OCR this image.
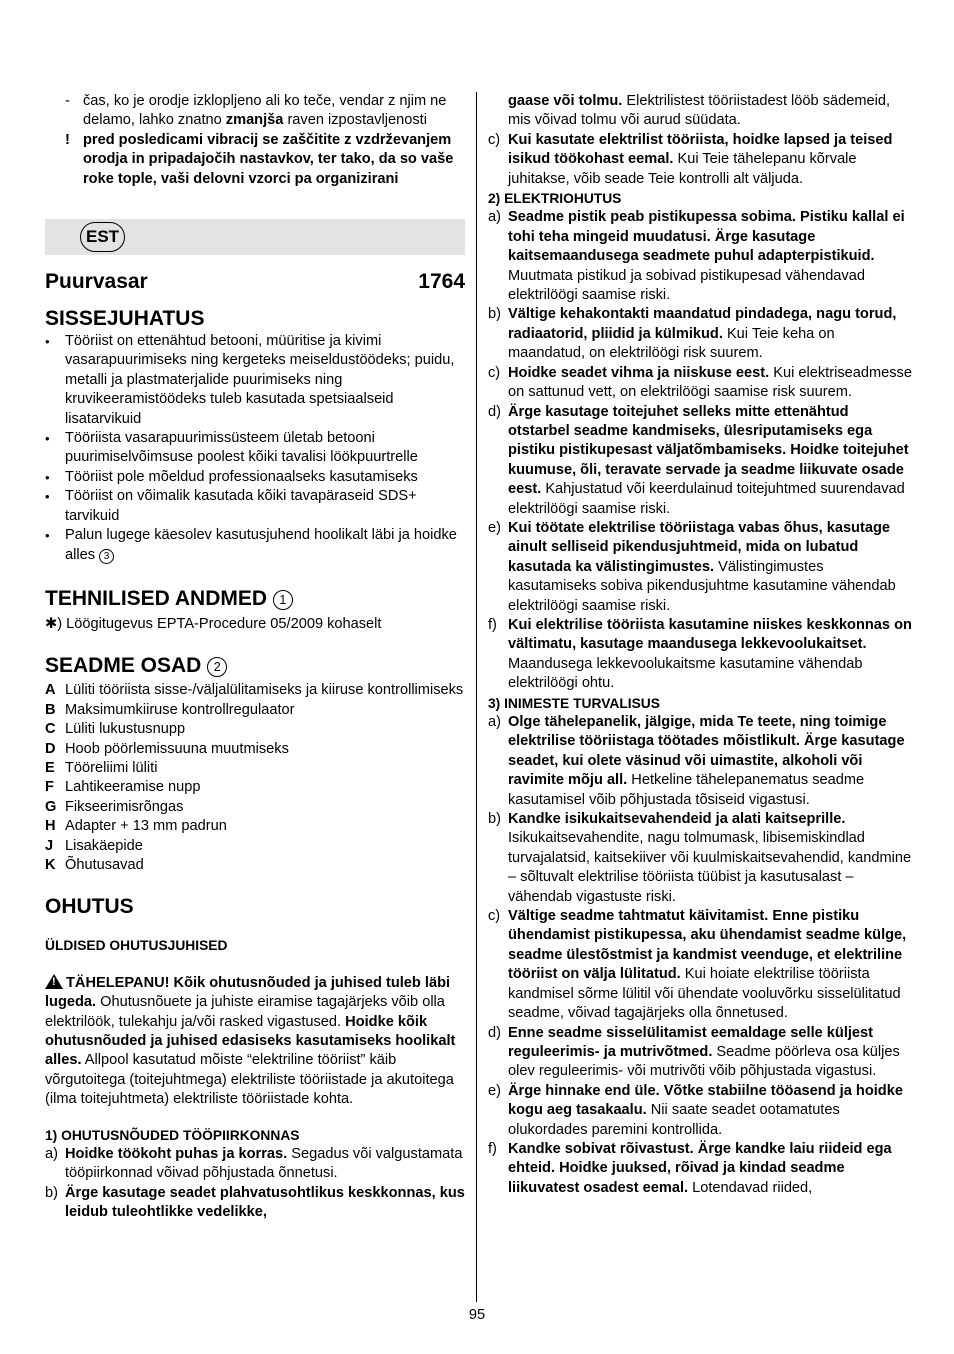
- čas, ko je orodje izklopljeno ali ko teče, vendar z njim ne delamo, lahko znatno zmanjša raven izpostavljenosti
! pred posledicami vibracij se zaščitite z vzdrževanjem orodja in pripadajočih nastavkov, ter tako, da so vaše roke tople, vaši delovni vzorci pa organizirani
EST
Puurvasar	1764
SISSEJUHATUS
• Tööriist on ettenähtud betooni, müüritise ja kivimi vasarapuurimiseks ning kergeteks meiseldustöödeks; puidu, metalli ja plastmaterjalide puurimiseks ning kruvikeeramistöödeks tuleb kasutada spetsiaalseid lisatarvikuid
• Tööriista vasarapuurimissüsteem ületab betooni puurimiselvõimsuse poolest kõiki tavalisi löökpuurtrelle
• Tööriist pole mõeldud professionaalseks kasutamiseks
• Tööriist on võimalik kasutada kõiki tavapäraseid SDS+ tarvikuid
• Palun lugege käesolev kasutusjuhend hoolikalt läbi ja hoidke alles 3
TEHNILISED ANDMED 1
✱) Löögitugevus EPTA-Procedure 05/2009 kohaselt
SEADME OSAD 2
A Lüliti tööriista sisse-/väljalülitamiseks ja kiiruse kontrollimiseks
B Maksimumkiiruse kontrollregulaator
C Lüliti lukustusnupp
D Hoob pöörlemissuuna muutmiseks
E Tööreliimi lüliti
F Lahtikeeramise nupp
G Fikseerimisrõngas
H Adapter + 13 mm padrun
J Lisakäepide
K Õhutusavad
OHUTUS
ÜLDISED OHUTUSJUHISED
!TÄHELEPANU! Kõik ohutusnõuded ja juhised tuleb läbi lugeda. Ohutusnõuete ja juhiste eiramise tagajärjeks võib olla elektrilöök, tulekahju ja/või rasked vigastused. Hoidke kõik ohutusnõuded ja juhised edasiseks kasutamiseks hoolikalt alles. Allpool kasutatud mõiste “elektriline tööriist” käib võrgutoitega (toitejuhtmega) elektriliste tööriistade ja akutoitega (ilma toitejuhtmeta) elektriliste tööriistade kohta.
1) OHUTUSNÕUDED TÖÖPIIRKONNAS
a) Hoidke töökoht puhas ja korras. Segadus või valgustamata tööpiirkonnad võivad põhjustada õnnetusi.
b) Ärge kasutage seadet plahvatusohtlikus keskkonnas, kus leidub tuleohtlikke vedelikke,
gaase või tolmu. Elektrilistest tööriistadest lööb sädemeid, mis võivad tolmu või aurud süüdata.
c) Kui kasutate elektrilist tööriista, hoidke lapsed ja teised isikud töökohast eemal. Kui Teie tähelepanu kõrvale juhitakse, võib seade Teie kontrolli alt väljuda.
2) ELEKTRIOHUTUS
a) Seadme pistik peab pistikupessa sobima. Pistiku kallal ei tohi teha mingeid muudatusi. Ärge kasutage kaitsemaandusega seadmete puhul adapterpistikuid. Muutmata pistikud ja sobivad pistikupesad vähendavad elektrilöögi saamise riski.
b) Vältige kehakontakti maandatud pindadega, nagu torud, radiaatorid, pliidid ja külmikud. Kui Teie keha on maandatud, on elektrilöögi risk suurem.
c) Hoidke seadet vihma ja niiskuse eest. Kui elektriseadmesse on sattunud vett, on elektrilöögi saamise risk suurem.
d) Ärge kasutage toitejuhet selleks mitte ettenähtud otstarbel seadme kandmiseks, ülesriputamiseks ega pistiku pistikupesast väljatõmbamiseks. Hoidke toitejuhet kuumuse, õli, teravate servade ja seadme liikuvate osade eest. Kahjustatud või keerdulainud toitejuhtmed suurendavad elektrilöögi saamise riski.
e) Kui töötate elektrilise tööriistaga vabas õhus, kasutage ainult selliseid pikendusjuhtmeid, mida on lubatud kasutada ka välistingimustes. Välistingimustes kasutamiseks sobiva pikendusjuhtme kasutamine vähendab elektrilöögi saamise riski.
f) Kui elektrilise tööriista kasutamine niiskes keskkonnas on vältimatu, kasutage maandusega lekkevoolukaitset. Maandusega lekkevoolukaitsme kasutamine vähendab elektrilöögi ohtu.
3) INIMESTE TURVALISUS
a) Olge tähelepanelik, jälgige, mida Te teete, ning toimige elektrilise tööriistaga töötades mõistlikult. Ärge kasutage seadet, kui olete väsinud või uimastite, alkoholi või ravimite mõju all. Hetkeline tähelepanematus seadme kasutamisel võib põhjustada tõsiseid vigastusi.
b) Kandke isikukaitsevahendeid ja alati kaitseprille. Isikukaitsevahendite, nagu tolmumask, libisemiskindlad turvajalatsid, kaitsekiiver või kuulmiskaitsevahendid, kandmine – sõltuvalt elektrilise tööriista tüübist ja kasutusalast – vähendab vigastuste riski.
c) Vältige seadme tahtmatut käivitamist. Enne pistiku ühendamist pistikupessa, aku ühendamist seadme külge, seadme ülestõstmist ja kandmist veenduge, et elektriline tööriist on välja lülitatud. Kui hoiate elektrilise tööriista kandmisel sõrme lülitil või ühendate vooluvõrku sisselülitatud seadme, võivad tagajärjeks olla õnnetused.
d) Enne seadme sisselülitamist eemaldage selle küljest reguleerimis- ja mutrivõtmed. Seadme pöörleva osa küljes olev reguleerimis- või mutrivõti võib põhjustada vigastusi.
e) Ärge hinnake end üle. Võtke stabiilne tööasend ja hoidke kogu aeg tasakaalu. Nii saate seadet ootamatutes olukordades paremini kontrollida.
f) Kandke sobivat rõivastust. Ärge kandke laiu riideid ega ehteid. Hoidke juuksed, rõivad ja kindad seadme liikuvatest osadest eemal. Lotendavad riided,
95
